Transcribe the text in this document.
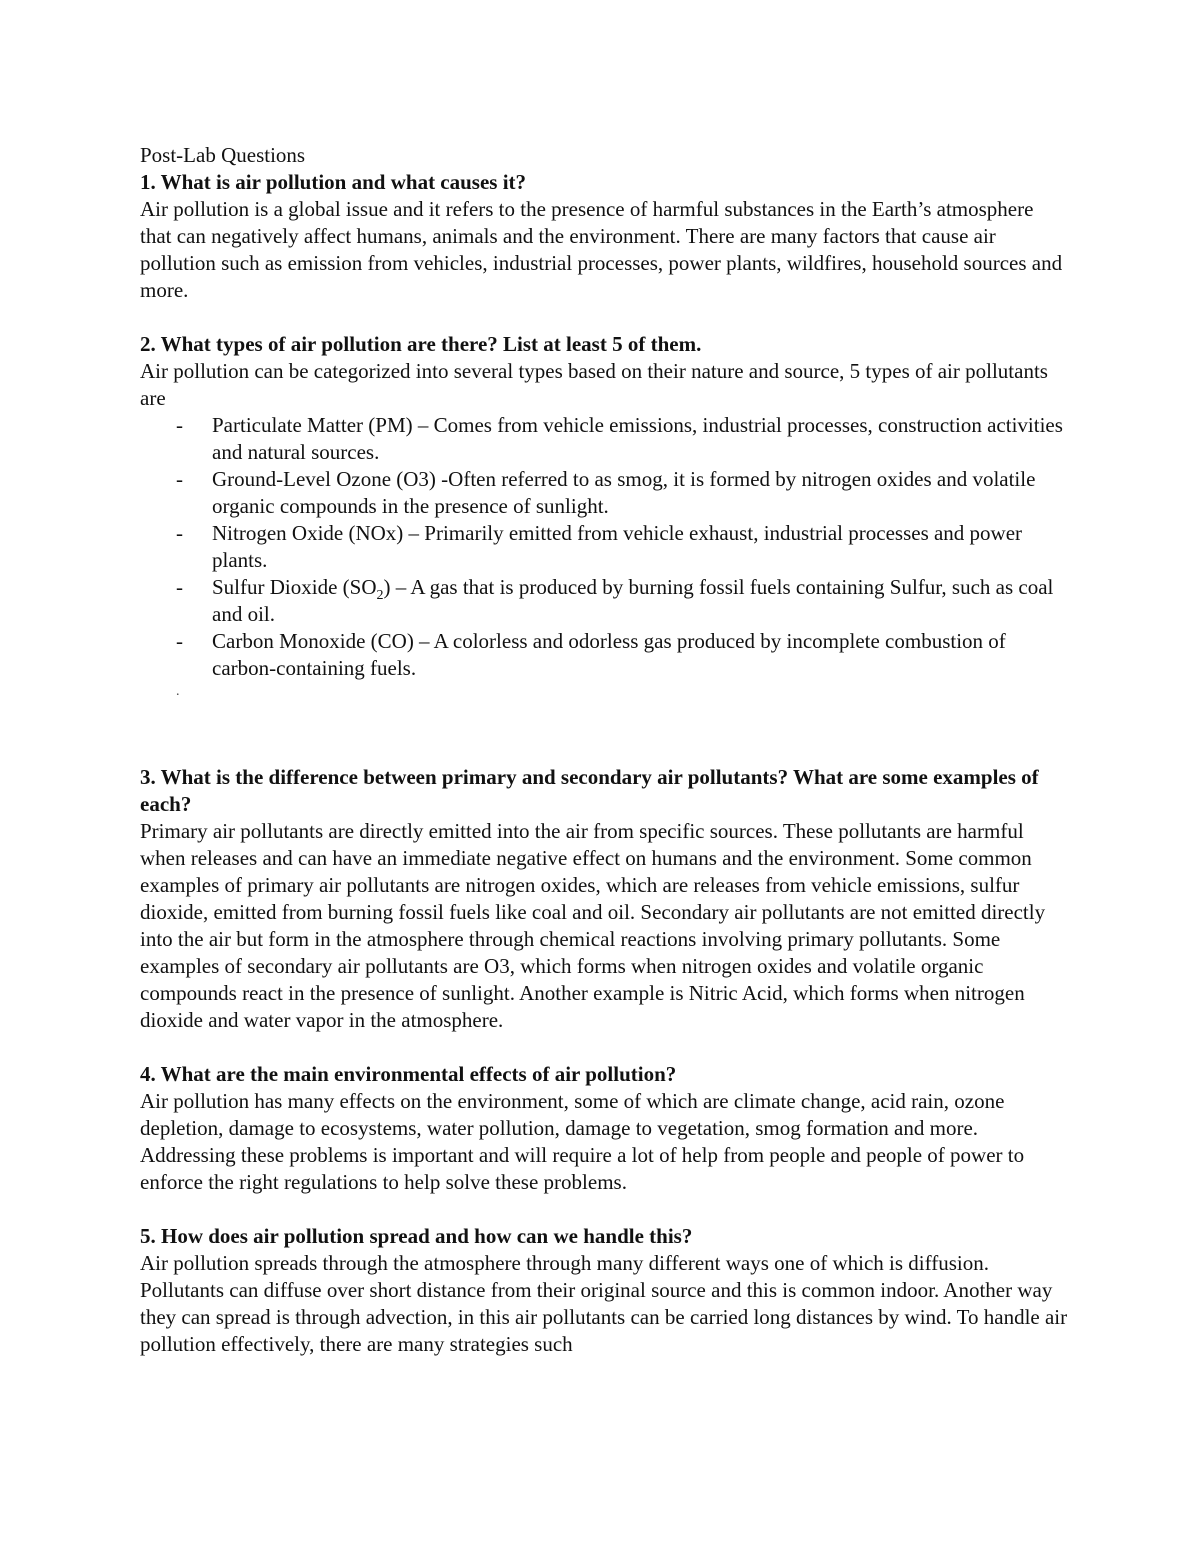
Post-Lab Questions

1. What is air pollution and what causes it?

Air pollution is a global issue and it refers to the presence of harmful substances in the Earth’s atmosphere that can negatively affect humans, animals and the environment. There are many factors that cause air pollution such as emission from vehicles, industrial processes, power plants, wildfires, household sources and more.

2. What types of air pollution are there? List at least 5 of them.

Air pollution can be categorized into several types based on their nature and source, 5 types of air pollutants are

- Particulate Matter (PM) – Comes from vehicle emissions, industrial processes, construction activities and natural sources.
- Ground-Level Ozone (O3) -Often referred to as smog, it is formed by nitrogen oxides and volatile organic compounds in the presence of sunlight.
- Nitrogen Oxide (NOx) – Primarily emitted from vehicle exhaust, industrial processes and power plants.
- Sulfur Dioxide $(SO_2)$ – A gas that is produced by burning fossil fuels containing Sulfur, such as coal and oil.
- Carbon Monoxide (CO) – A colorless and odorless gas produced by incomplete combustion of carbon-containing fuels.

.

3. What is the difference between primary and secondary air pollutants? What are some examples of each?

Primary air pollutants are directly emitted into the air from specific sources. These pollutants are harmful when releases and can have an immediate negative effect on humans and the environment. Some common examples of primary air pollutants are nitrogen oxides, which are releases from vehicle emissions, sulfur dioxide, emitted from burning fossil fuels like coal and oil. Secondary air pollutants are not emitted directly into the air but form in the atmosphere through chemical reactions involving primary pollutants. Some examples of secondary air pollutants are O3, which forms when nitrogen oxides and volatile organic compounds react in the presence of sunlight. Another example is Nitric Acid, which forms when nitrogen dioxide and water vapor in the atmosphere.

4. What are the main environmental effects of air pollution?

Air pollution has many effects on the environment, some of which are climate change, acid rain, ozone depletion, damage to ecosystems, water pollution, damage to vegetation, smog formation and more. Addressing these problems is important and will require a lot of help from people and people of power to enforce the right regulations to help solve these problems.

5. How does air pollution spread and how can we handle this?

Air pollution spreads through the atmosphere through many different ways one of which is diffusion. Pollutants can diffuse over short distance from their original source and this is common indoor. Another way they can spread is through advection, in this air pollutants can be carried long distances by wind. To handle air pollution effectively, there are many strategies such
